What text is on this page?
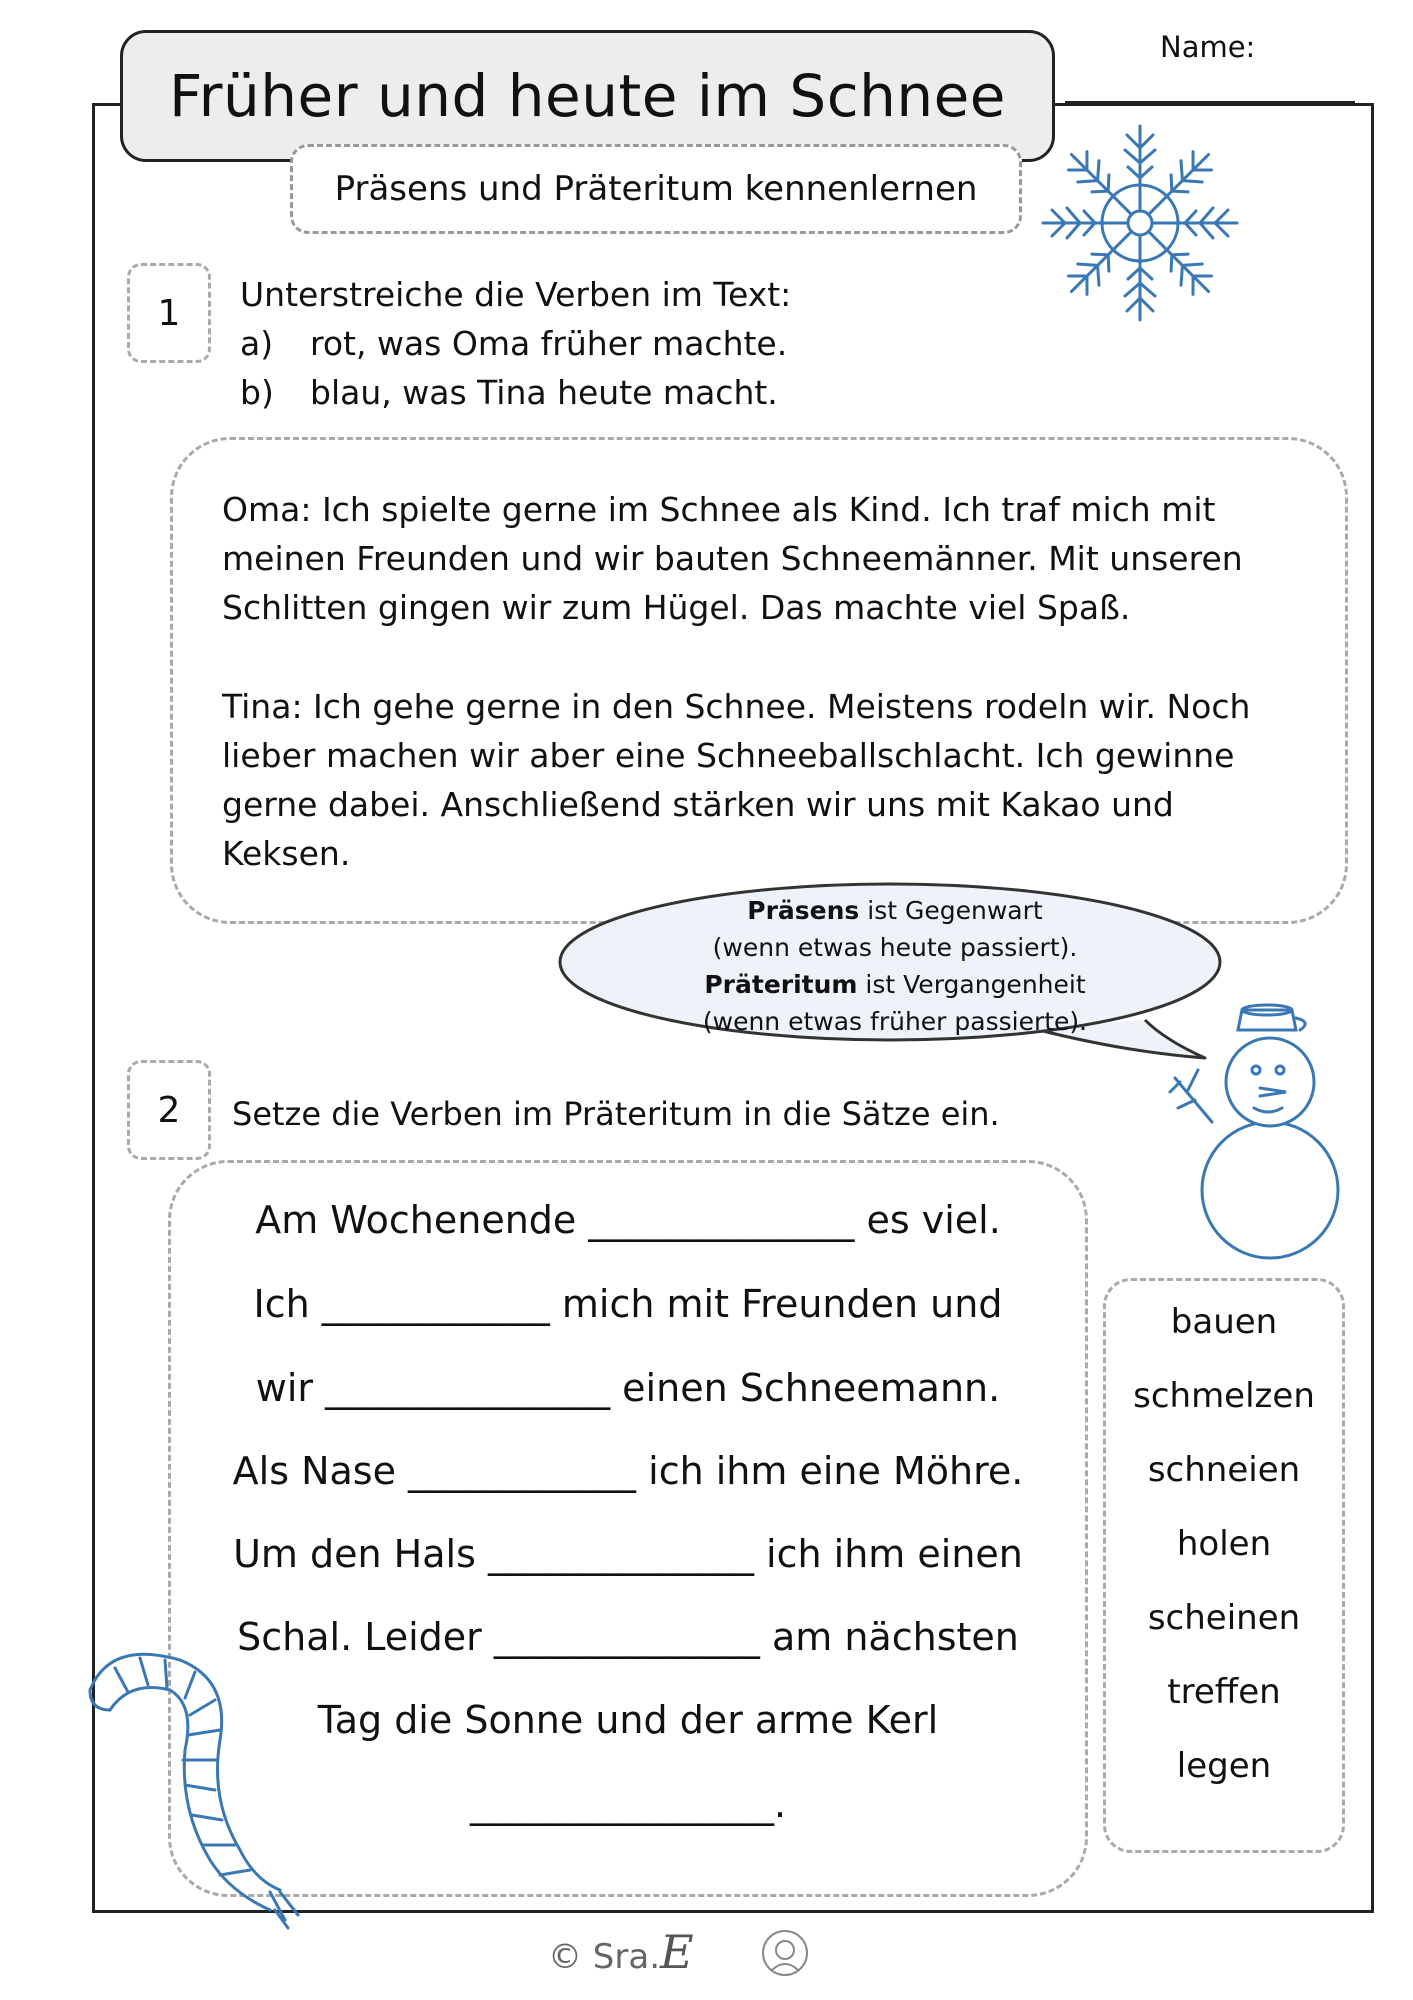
Name:
Früher und heute im Schnee
Präsens und Präteritum kennenlernen
1 Unterstreiche die Verben im Text:
a) rot, was Oma früher machte.
b) blau, was Tina heute macht.
Oma: Ich spielte gerne im Schnee als Kind. Ich traf mich mit
meinen Freunden und wir bauten Schneemänner. Mit unseren
Schlitten gingen wir zum Hügel. Das machte viel Spaß.
Tina: Ich gehe gerne in den Schnee. Meistens rodeln wir. Noch
lieber machen wir aber eine Schneeballschlacht. Ich gewinne
gerne dabei. Anschließend stärken wir uns mit Kakao und
Keksen.
Präsens ist Gegenwart
(wenn etwas heute passiert).
Präteritum ist Vergangenheit
(wenn etwas früher passierte).
2 Setze die Verben im Präteritum in die Sätze ein.
Am Wochenende ______________ es viel.
Ich ____________ mich mit Freunden und
wir _______________ einen Schneemann.
Als Nase ____________ ich ihm eine Möhre.
Um den Hals ______________ ich ihm einen
Schal. Leider ______________ am nächsten
Tag die Sonne und der arme Kerl
________________.
bauen
schmelzen
schneien
holen
scheinen
treffen
legen
© Sra.E
